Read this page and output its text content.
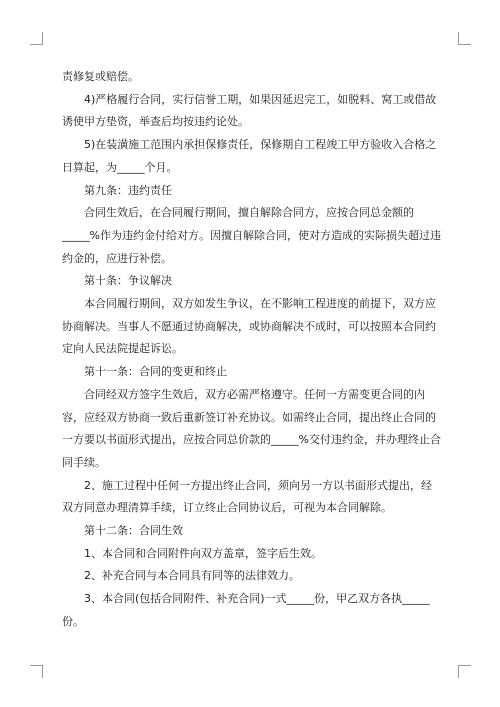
责修复或赔偿。

4)严格履行合同，实行信誉工期，如果因延迟完工，如脱料、窝工或借故诱使甲方垫资，举查后均按违约论处。

5)在装潢施工范围内承担保修责任，保修期自工程竣工甲方验收入合格之日算起，为_____个月。

第九条：违约责任

合同生效后，在合同履行期间，擅自解除合同方，应按合同总金额的_____%作为违约金付给对方。因擅自解除合同，使对方造成的实际损失超过违约金的，应进行补偿。

第十条：争议解决

本合同履行期间，双方如发生争议，在不影响工程进度的前提下，双方应协商解决。当事人不愿通过协商解决，或协商解决不成时，可以按照本合同约定向人民法院提起诉讼。

第十一条：合同的变更和终止

合同经双方签字生效后，双方必需严格遵守。任何一方需变更合同的内容，应经双方协商一致后重新签订补充协议。如需终止合同，提出终止合同的一方要以书面形式提出，应按合同总价款的_____%交付违约金，并办理终止合同手续。

2、施工过程中任何一方提出终止合同，须向另一方以书面形式提出，经双方同意办理清算手续，订立终止合同协议后，可视为本合同解除。

第十二条：合同生效

1、本合同和合同附件向双方盖章，签字后生效。

2、补充合同与本合同具有同等的法律效力。

3、本合同(包括合同附件、补充合同)一式_____份，甲乙双方各执_____份。
